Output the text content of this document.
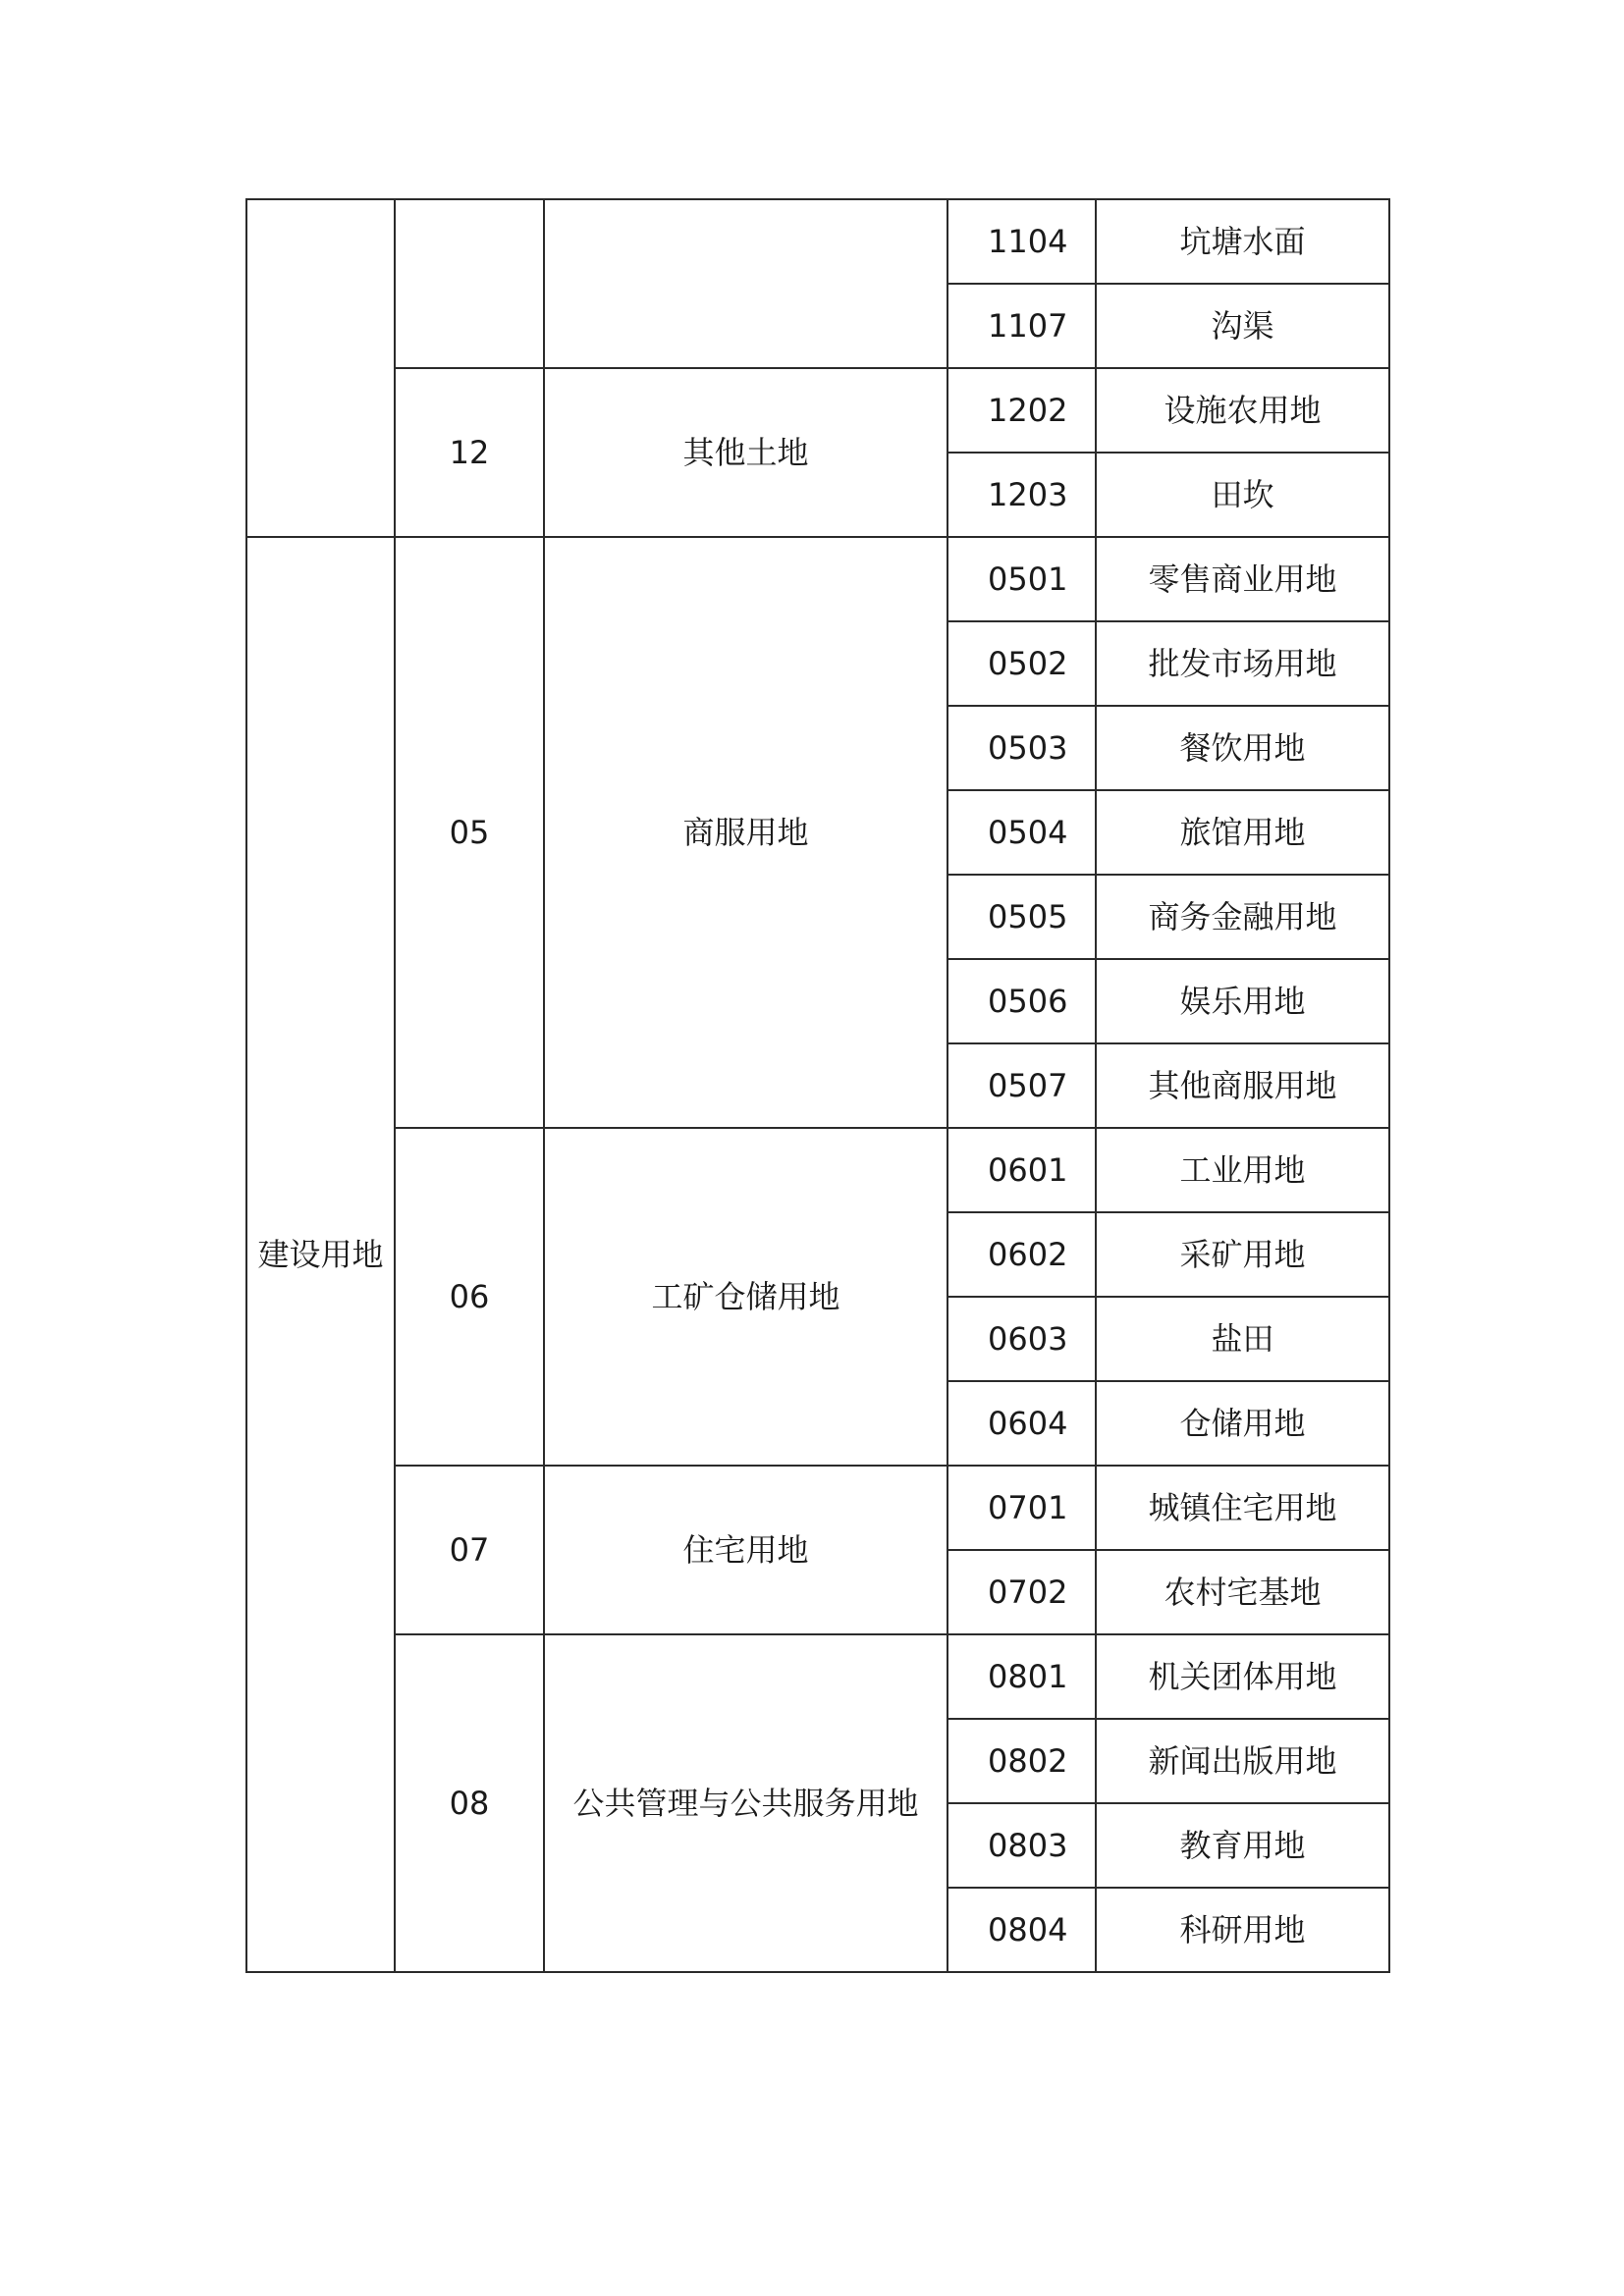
			1104	坑塘水面
			1107	沟渠
	12	其他土地	1202	设施农用地
			1203	田坎
建设用地	05	商服用地	0501	零售商业用地
			0502	批发市场用地
			0503	餐饮用地
			0504	旅馆用地
			0505	商务金融用地
			0506	娱乐用地
			0507	其他商服用地
	06	工矿仓储用地	0601	工业用地
			0602	采矿用地
			0603	盐田
			0604	仓储用地
	07	住宅用地	0701	城镇住宅用地
			0702	农村宅基地
	08	公共管理与公共服务用地	0801	机关团体用地
			0802	新闻出版用地
			0803	教育用地
			0804	科研用地
